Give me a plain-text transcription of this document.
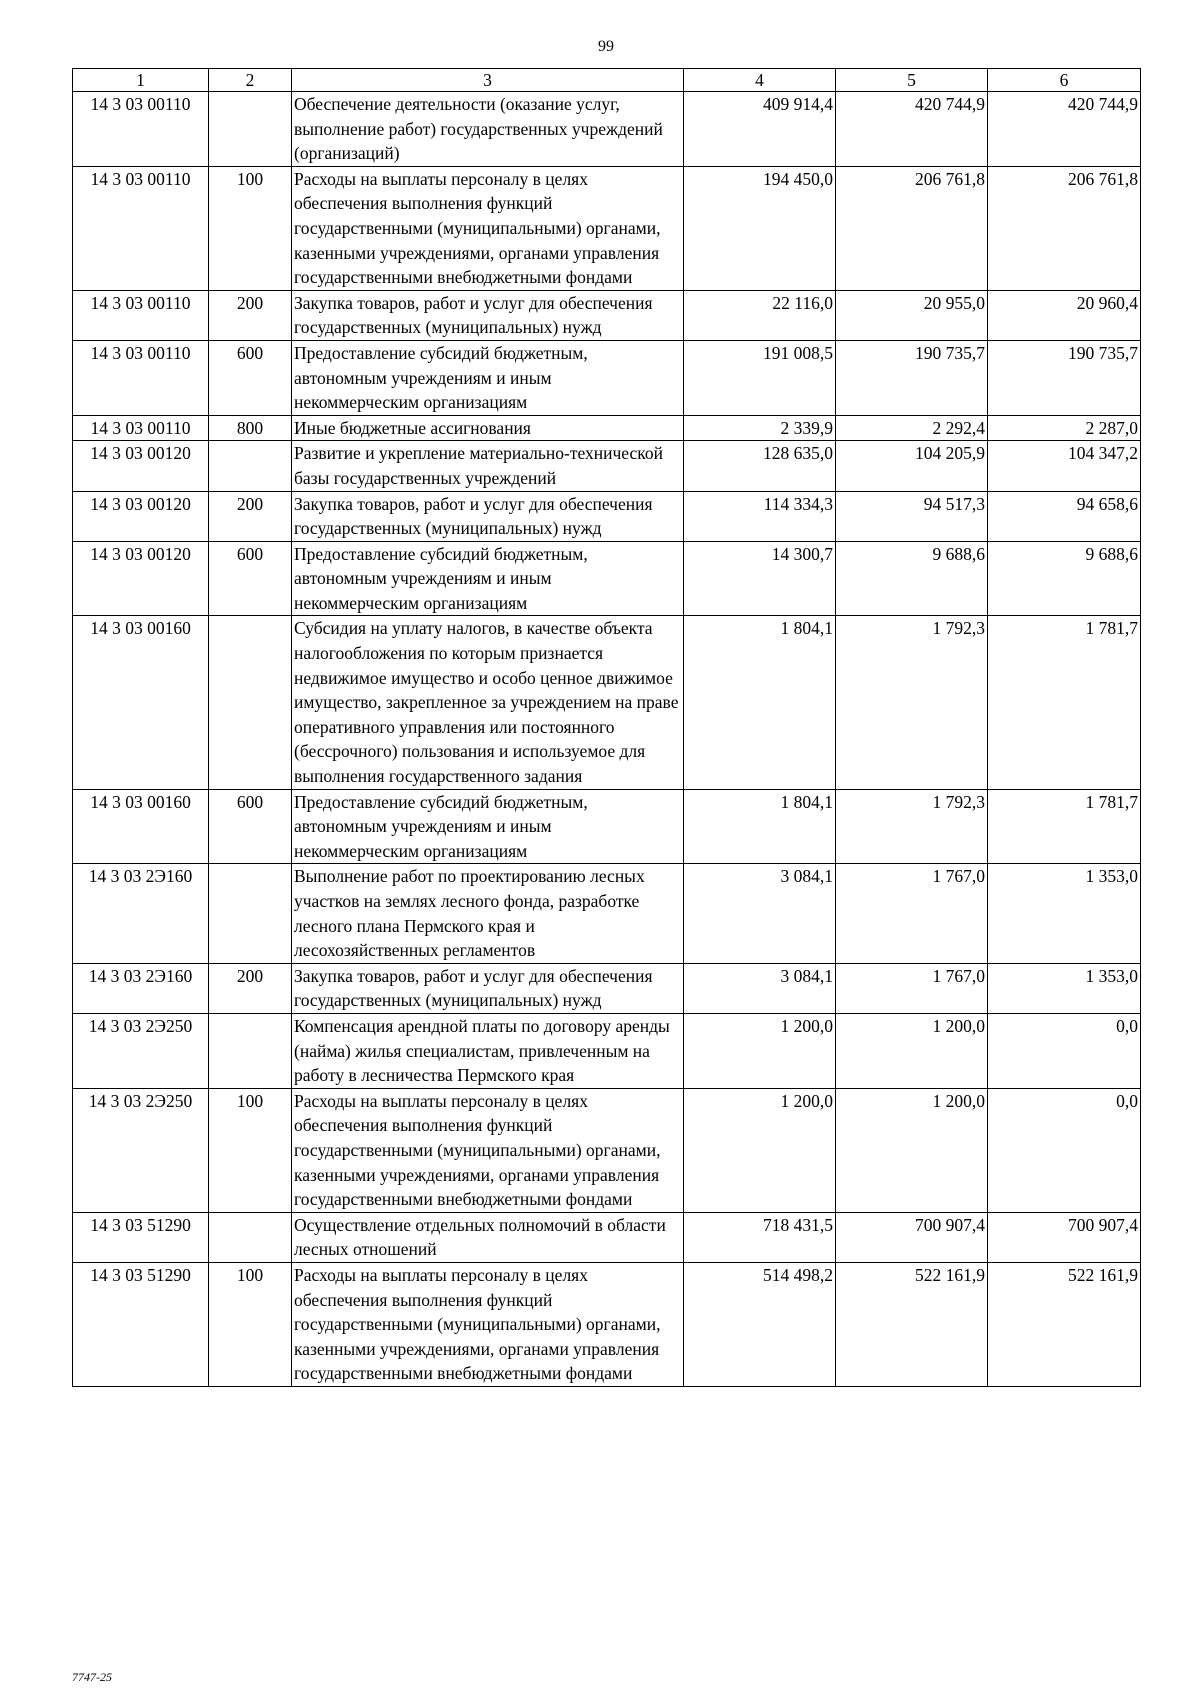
99
1	2	3	4	5	6
14 3 03 00110		Обеспечение деятельности (оказание услуг, выполнение работ) государственных учреждений (организаций)	409 914,4	420 744,9	420 744,9
14 3 03 00110	100	Расходы на выплаты персоналу в целях обеспечения выполнения функций государственными (муниципальными) органами, казенными учреждениями, органами управления государственными внебюджетными фондами	194 450,0	206 761,8	206 761,8
14 3 03 00110	200	Закупка товаров, работ и услуг для обеспечения государственных (муниципальных) нужд	22 116,0	20 955,0	20 960,4
14 3 03 00110	600	Предоставление субсидий бюджетным, автономным учреждениям и иным некоммерческим организациям	191 008,5	190 735,7	190 735,7
14 3 03 00110	800	Иные бюджетные ассигнования	2 339,9	2 292,4	2 287,0
14 3 03 00120		Развитие и укрепление материально-технической базы государственных учреждений	128 635,0	104 205,9	104 347,2
14 3 03 00120	200	Закупка товаров, работ и услуг для обеспечения государственных (муниципальных) нужд	114 334,3	94 517,3	94 658,6
14 3 03 00120	600	Предоставление субсидий бюджетным, автономным учреждениям и иным некоммерческим организациям	14 300,7	9 688,6	9 688,6
14 3 03 00160		Субсидия на уплату налогов, в качестве объекта налогообложения по которым признается недвижимое имущество и особо ценное движимое имущество, закрепленное за учреждением на праве оперативного управления или постоянного (бессрочного) пользования и используемое для выполнения государственного задания	1 804,1	1 792,3	1 781,7
14 3 03 00160	600	Предоставление субсидий бюджетным, автономным учреждениям и иным некоммерческим организациям	1 804,1	1 792,3	1 781,7
14 3 03 2Э160		Выполнение работ по проектированию лесных участков на землях лесного фонда, разработке лесного плана Пермского края и лесохозяйственных регламентов	3 084,1	1 767,0	1 353,0
14 3 03 2Э160	200	Закупка товаров, работ и услуг для обеспечения государственных (муниципальных) нужд	3 084,1	1 767,0	1 353,0
14 3 03 2Э250		Компенсация арендной платы по договору аренды (найма) жилья специалистам, привлеченным на работу в лесничества Пермского края	1 200,0	1 200,0	0,0
14 3 03 2Э250	100	Расходы на выплаты персоналу в целях обеспечения выполнения функций государственными (муниципальными) органами, казенными учреждениями, органами управления государственными внебюджетными фондами	1 200,0	1 200,0	0,0
14 3 03 51290		Осуществление отдельных полномочий в области лесных отношений	718 431,5	700 907,4	700 907,4
14 3 03 51290	100	Расходы на выплаты персоналу в целях обеспечения выполнения функций государственными (муниципальными) органами, казенными учреждениями, органами управления государственными внебюджетными фондами	514 498,2	522 161,9	522 161,9
7747-25
